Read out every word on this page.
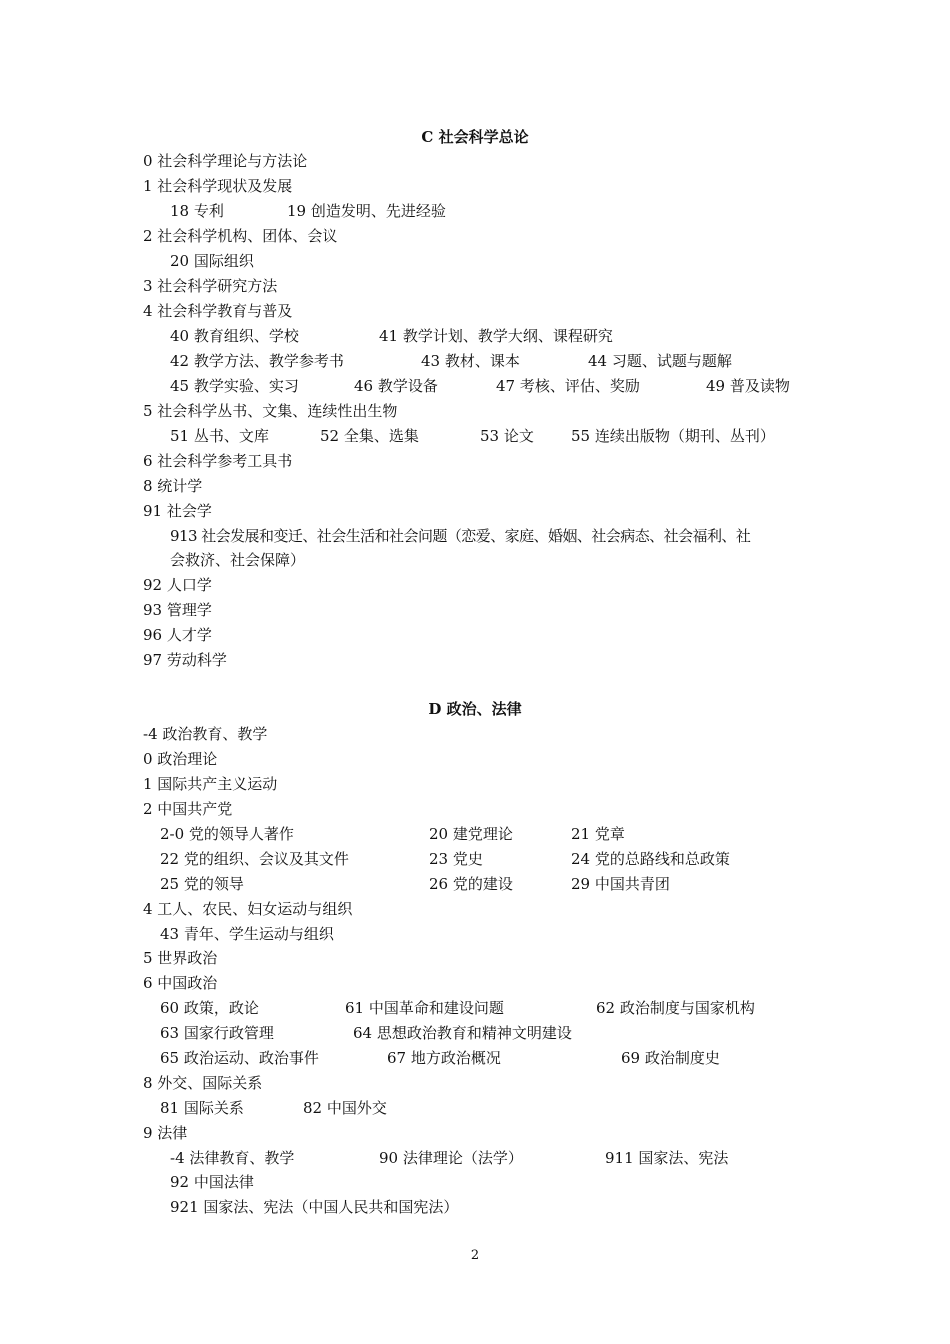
C 社会科学总论
0 社会科学理论与方法论
1 社会科学现状及发展
18 专利	19 创造发明、先进经验
2 社会科学机构、团体、会议
20 国际组织
3 社会科学研究方法
4 社会科学教育与普及
40 教育组织、学校	41 教学计划、教学大纲、课程研究
42 教学方法、教学参考书	43 教材、课本	44 习题、试题与题解
45 教学实验、实习	46 教学设备	47 考核、评估、奖励	49 普及读物
5 社会科学丛书、文集、连续性出生物
51 丛书、文库	52 全集、选集	53 论文 55 连续出版物（期刊、丛刊）
6 社会科学参考工具书
8 统计学
91 社会学
913 社会发展和变迁、社会生活和社会问题（恋爱、家庭、婚姻、社会病态、社会福利、社
会救济、社会保障）
92 人口学
93 管理学
96 人才学
97 劳动科学
D 政治、法律
-4 政治教育、教学
0 政治理论
1 国际共产主义运动
2 中国共产党
2-0 党的领导人著作	20 建党理论	21 党章
22 党的组织、会议及其文件	23 党史	24 党的总路线和总政策
25 党的领导	26 党的建设	29 中国共青团
4 工人、农民、妇女运动与组织
43 青年、学生运动与组织
5 世界政治
6 中国政治
60 政策，政论	61 中国革命和建设问题	62 政治制度与国家机构
63 国家行政管理	64 思想政治教育和精神文明建设
65 政治运动、政治事件	67 地方政治概况	69 政治制度史
8 外交、国际关系
81 国际关系	82 中国外交
9 法律
-4 法律教育、教学	90 法律理论（法学）	911 国家法、宪法
92 中国法律
921 国家法、宪法（中国人民共和国宪法）
2
